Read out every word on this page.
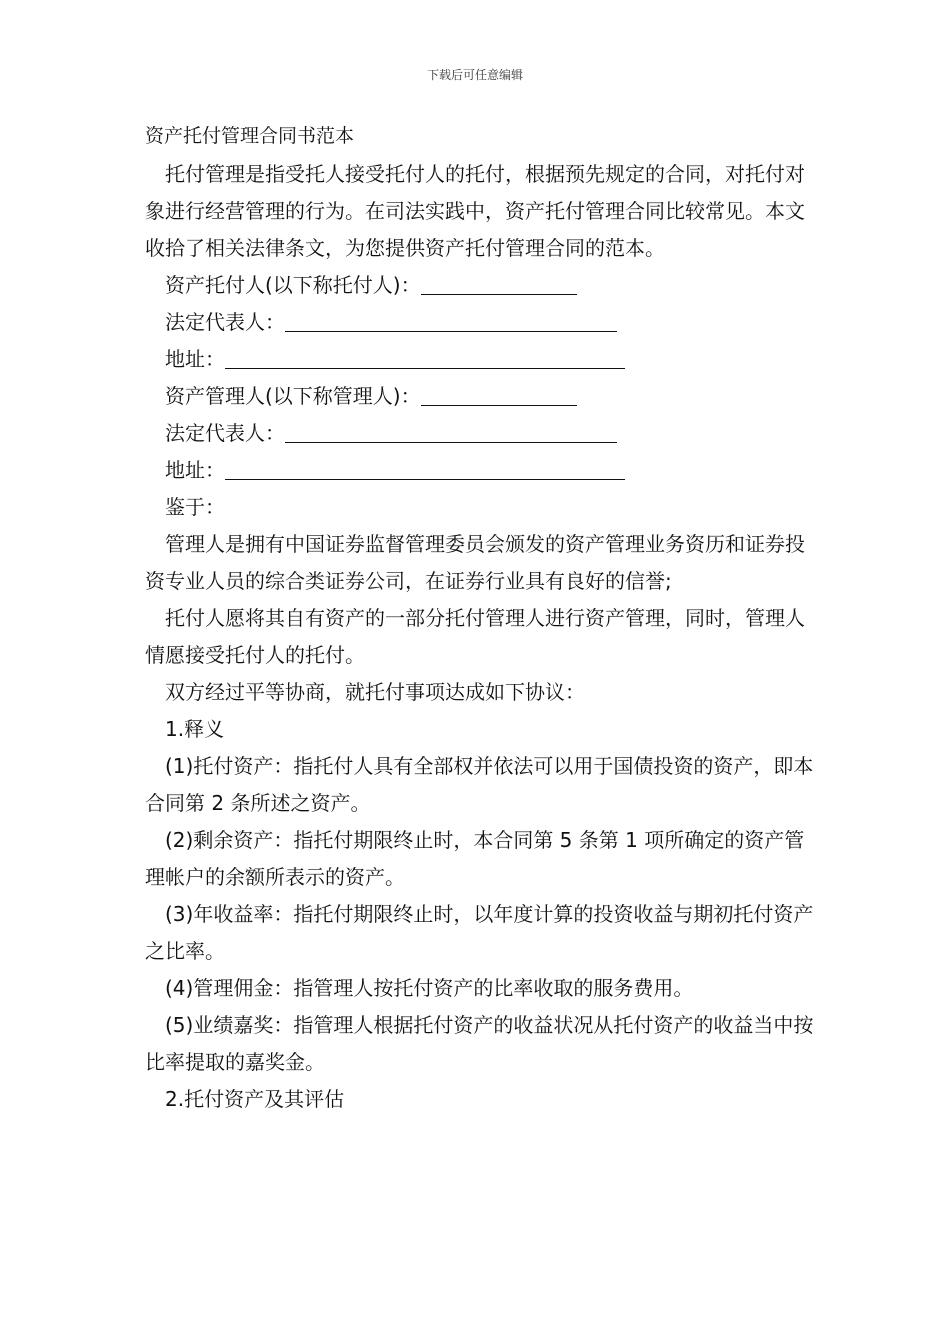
下载后可任意编辑
资产托付管理合同书范本

托付管理是指受托人接受托付人的托付，根据预先规定的合同，对托付对象进行经营管理的行为。在司法实践中，资产托付管理合同比较常见。本文收拾了相关法律条文，为您提供资产托付管理合同的范本。

资产托付人(以下称托付人)：
法定代表人：
地址：
资产管理人(以下称管理人)：
法定代表人：
地址：

鉴于：

管理人是拥有中国证券监督管理委员会颁发的资产管理业务资历和证券投资专业人员的综合类证券公司，在证券行业具有良好的信誉;

托付人愿将其自有资产的一部分托付管理人进行资产管理，同时，管理人情愿接受托付人的托付。

双方经过平等协商，就托付事项达成如下协议：

1.释义

(1)托付资产：指托付人具有全部权并依法可以用于国债投资的资产，即本合同第 2 条所述之资产。

(2)剩余资产：指托付期限终止时，本合同第 5 条第 1 项所确定的资产管理帐户的余额所表示的资产。

(3)年收益率：指托付期限终止时，以年度计算的投资收益与期初托付资产之比率。

(4)管理佣金：指管理人按托付资产的比率收取的服务费用。

(5)业绩嘉奖：指管理人根据托付资产的收益状况从托付资产的收益当中按比率提取的嘉奖金。

2.托付资产及其评估
